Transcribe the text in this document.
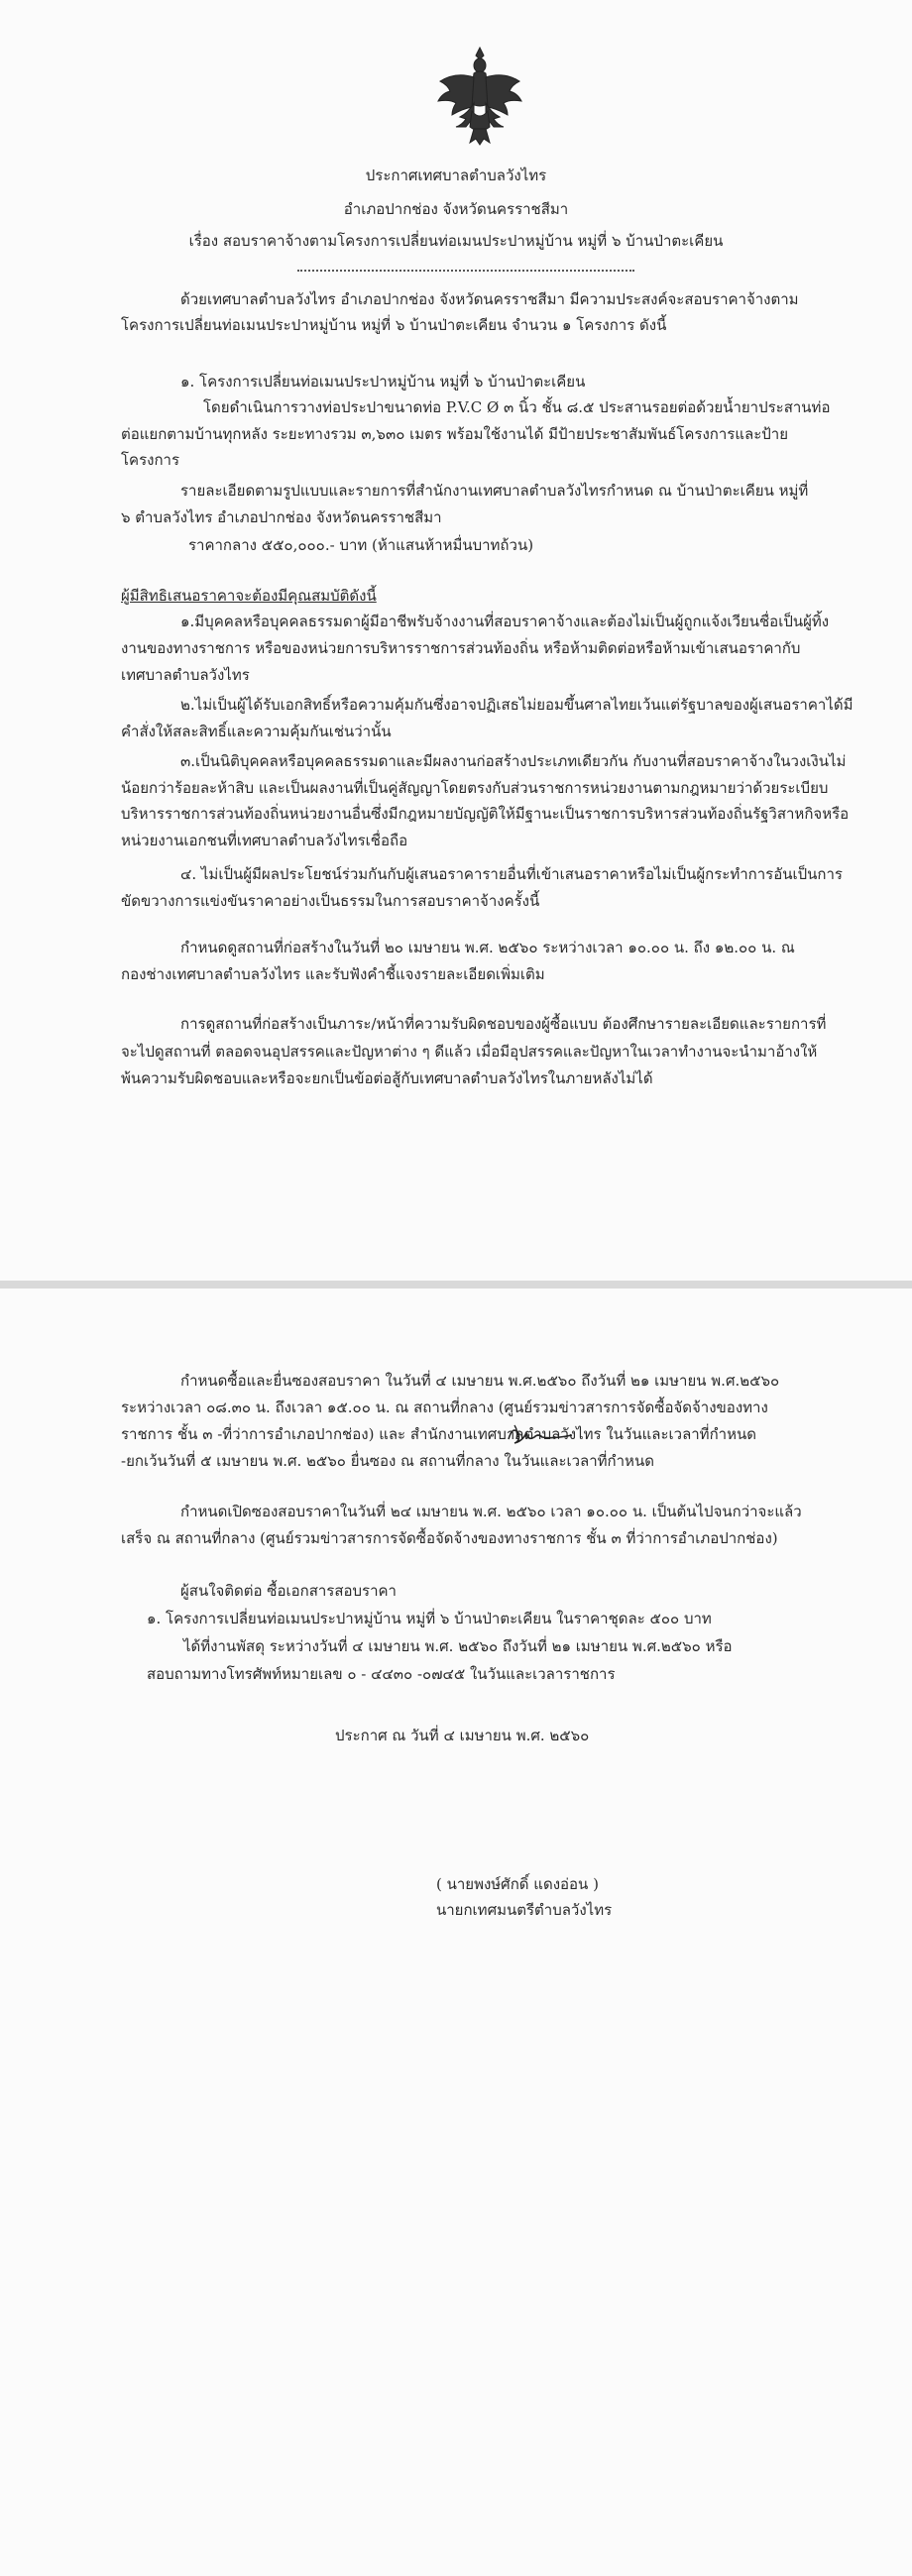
ประกาศเทศบาลตำบลวังไทร
อำเภอปากช่อง จังหวัดนครราชสีมา
เรื่อง สอบราคาจ้างตามโครงการเปลี่ยนท่อเมนประปาหมู่บ้าน หมู่ที่ ๖ บ้านป่าตะเคียน
ด้วยเทศบาลตำบลวังไทร อำเภอปากช่อง จังหวัดนครราชสีมา มีความประสงค์จะสอบราคาจ้างตาม
โครงการเปลี่ยนท่อเมนประปาหมู่บ้าน หมู่ที่ ๖ บ้านป่าตะเคียน จำนวน ๑ โครงการ ดังนี้
๑. โครงการเปลี่ยนท่อเมนประปาหมู่บ้าน หมู่ที่ ๖ บ้านป่าตะเคียน
โดยดำเนินการวางท่อประปาขนาดท่อ P.V.C Ø ๓ นิ้ว ชั้น ๘.๕ ประสานรอยต่อด้วยน้ำยาประสานท่อ
ต่อแยกตามบ้านทุกหลัง ระยะทางรวม ๓,๖๓๐ เมตร พร้อมใช้งานได้ มีป้ายประชาสัมพันธ์โครงการและป้าย
โครงการ
รายละเอียดตามรูปแบบและรายการที่สำนักงานเทศบาลตำบลวังไทรกำหนด ณ บ้านป่าตะเคียน หมู่ที่
๖ ตำบลวังไทร อำเภอปากช่อง จังหวัดนครราชสีมา
ราคากลาง ๕๕๐,๐๐๐.- บาท (ห้าแสนห้าหมื่นบาทถ้วน)
ผู้มีสิทธิเสนอราคาจะต้องมีคุณสมบัติดังนี้
๑.มีบุคคลหรือบุคคลธรรมดาผู้มีอาชีพรับจ้างงานที่สอบราคาจ้างและต้องไม่เป็นผู้ถูกแจ้งเวียนชื่อเป็นผู้ทิ้ง
งานของทางราชการ หรือของหน่วยการบริหารราชการส่วนท้องถิ่น หรือห้ามติดต่อหรือห้ามเข้าเสนอราคากับ
เทศบาลตำบลวังไทร
๒.ไม่เป็นผู้ได้รับเอกสิทธิ์หรือความคุ้มกันซึ่งอาจปฏิเสธไม่ยอมขึ้นศาลไทยเว้นแต่รัฐบาลของผู้เสนอราคาได้มี
คำสั่งให้สละสิทธิ์และความคุ้มกันเช่นว่านั้น
๓.เป็นนิติบุคคลหรือบุคคลธรรมดาและมีผลงานก่อสร้างประเภทเดียวกัน กับงานที่สอบราคาจ้างในวงเงินไม่
น้อยกว่าร้อยละห้าสิบ และเป็นผลงานที่เป็นคู่สัญญาโดยตรงกับส่วนราชการหน่วยงานตามกฎหมายว่าด้วยระเบียบ
บริหารราชการส่วนท้องถิ่นหน่วยงานอื่นซึ่งมีกฎหมายบัญญัติให้มีฐานะเป็นราชการบริหารส่วนท้องถิ่นรัฐวิสาหกิจหรือ
หน่วยงานเอกชนที่เทศบาลตำบลวังไทรเชื่อถือ
๔. ไม่เป็นผู้มีผลประโยชน์ร่วมกันกับผู้เสนอราคารายอื่นที่เข้าเสนอราคาหรือไม่เป็นผู้กระทำการอันเป็นการ
ขัดขวางการแข่งขันราคาอย่างเป็นธรรมในการสอบราคาจ้างครั้งนี้
กำหนดดูสถานที่ก่อสร้างในวันที่ ๒๐ เมษายน พ.ศ. ๒๕๖๐ ระหว่างเวลา ๑๐.๐๐ น. ถึง ๑๒.๐๐ น. ณ
กองช่างเทศบาลตำบลวังไทร และรับฟังคำชี้แจงรายละเอียดเพิ่มเติม
การดูสถานที่ก่อสร้างเป็นภาระ/หน้าที่ความรับผิดชอบของผู้ซื้อแบบ ต้องศึกษารายละเอียดและรายการที่
จะไปดูสถานที่ ตลอดจนอุปสรรคและปัญหาต่าง ๆ ดีแล้ว เมื่อมีอุปสรรคและปัญหาในเวลาทำงานจะนำมาอ้างให้
พ้นความรับผิดชอบและหรือจะยกเป็นข้อต่อสู้กับเทศบาลตำบลวังไทรในภายหลังไม่ได้
กำหนดซื้อและยื่นซองสอบราคา ในวันที่ ๔ เมษายน พ.ศ.๒๕๖๐ ถึงวันที่ ๒๑ เมษายน พ.ศ.๒๕๖๐
ระหว่างเวลา ๐๘.๓๐ น. ถึงเวลา ๑๕.๐๐ น. ณ สถานที่กลาง (ศูนย์รวมข่าวสารการจัดซื้อจัดจ้างของทาง
ราชการ ชั้น ๓ -ที่ว่าการอำเภอปากช่อง) และ สำนักงานเทศบาลตำบลวังไทร ในวันและเวลาที่กำหนด
-ยกเว้นวันที่ ๕ เมษายน พ.ศ. ๒๕๖๐ ยื่นซอง ณ สถานที่กลาง ในวันและเวลาที่กำหนด
กำหนดเปิดซองสอบราคาในวันที่ ๒๔ เมษายน พ.ศ. ๒๕๖๐ เวลา ๑๐.๐๐ น. เป็นต้นไปจนกว่าจะแล้ว
เสร็จ ณ สถานที่กลาง (ศูนย์รวมข่าวสารการจัดซื้อจัดจ้างของทางราชการ ชั้น ๓ ที่ว่าการอำเภอปากช่อง)
ผู้สนใจติดต่อ ซื้อเอกสารสอบราคา
๑. โครงการเปลี่ยนท่อเมนประปาหมู่บ้าน หมู่ที่ ๖ บ้านป่าตะเคียน ในราคาชุดละ ๕๐๐ บาท
ได้ที่งานพัสดุ ระหว่างวันที่ ๔ เมษายน พ.ศ. ๒๕๖๐ ถึงวันที่ ๒๑ เมษายน พ.ศ.๒๕๖๐ หรือ
สอบถามทางโทรศัพท์หมายเลข ๐ - ๔๔๓๐ -๐๗๔๕ ในวันและเวลาราชการ
ประกาศ ณ วันที่ ๔ เมษายน พ.ศ. ๒๕๖๐
( นายพงษ์ศักดิ์ แดงอ่อน )
นายกเทศมนตรีตำบลวังไทร
